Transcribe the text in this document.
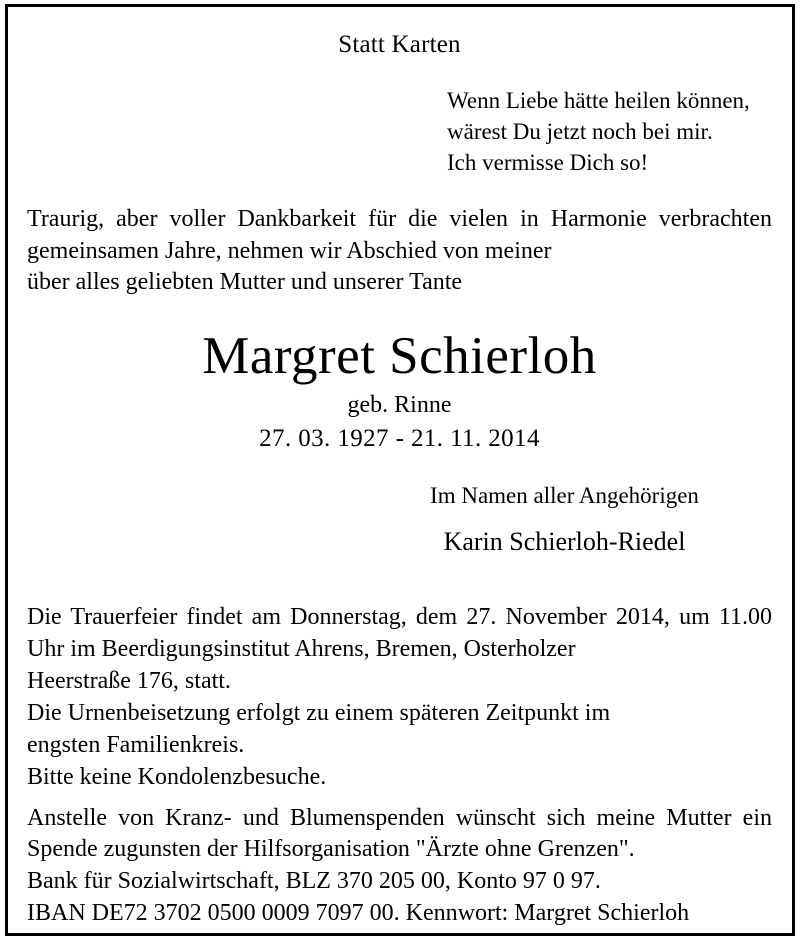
Statt Karten
Wenn Liebe hätte heilen können,
wärest Du jetzt noch bei mir.
Ich vermisse Dich so!
Traurig, aber voller Dankbarkeit für die vielen in Harmonie verbrachten gemeinsamen Jahre, nehmen wir Abschied von meiner
über alles geliebten Mutter und unserer Tante
Margret Schierloh
geb. Rinne
27. 03. 1927 - 21. 11. 2014
Im Namen aller Angehörigen
Karin Schierloh-Riedel

Die Trauerfeier findet am Donnerstag, dem 27. November 2014, um 11.00 Uhr im Beerdigungsinstitut Ahrens, Bremen, Osterholzer
Heerstraße 176, statt.

Die Urnenbeisetzung erfolgt zu einem späteren Zeitpunkt im
engsten Familienkreis.

Bitte keine Kondolenzbesuche.

Anstelle von Kranz- und Blumenspenden wünscht sich meine Mutter ein Spende zugunsten der Hilfsorganisation "Ärzte ohne Grenzen".
Bank für Sozialwirtschaft, BLZ 370 205 00, Konto 97 0 97.
IBAN DE72 3702 0500 0009 7097 00. Kennwort: Margret Schierloh
